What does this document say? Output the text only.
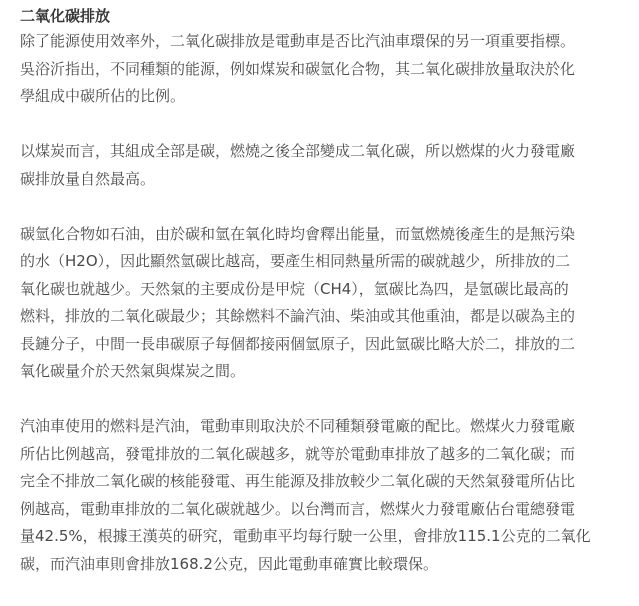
二氧化碳排放
除了能源使用效率外，二氧化碳排放是電動車是否比汽油車環保的另一項重要指標。
吳浴沂指出，不同種類的能源，例如煤炭和碳氫化合物，其二氧化碳排放量取決於化
學組成中碳所佔的比例。
以煤炭而言，其組成全部是碳，燃燒之後全部變成二氧化碳，所以燃煤的火力發電廠
碳排放量自然最高。
碳氫化合物如石油，由於碳和氫在氧化時均會釋出能量，而氫燃燒後產生的是無污染
的水（H2O），因此顯然氫碳比越高，要產生相同熱量所需的碳就越少，所排放的二
氧化碳也就越少。天然氣的主要成份是甲烷（CH4），氫碳比為四，是氫碳比最高的
燃料，排放的二氧化碳最少；其餘燃料不論汽油、柴油或其他重油，都是以碳為主的
長鏈分子，中間一長串碳原子每個都接兩個氫原子，因此氫碳比略大於二，排放的二
氧化碳量介於天然氣與煤炭之間。
汽油車使用的燃料是汽油，電動車則取決於不同種類發電廠的配比。燃煤火力發電廠
所佔比例越高，發電排放的二氧化碳越多，就等於電動車排放了越多的二氧化碳；而
完全不排放二氧化碳的核能發電、再生能源及排放較少二氧化碳的天然氣發電所佔比
例越高，電動車排放的二氧化碳就越少。以台灣而言，燃煤火力發電廠佔台電總發電
量42.5%，根據王漢英的研究，電動車平均每行駛一公里，會排放115.1公克的二氧化
碳，而汽油車則會排放168.2公克，因此電動車確實比較環保。
